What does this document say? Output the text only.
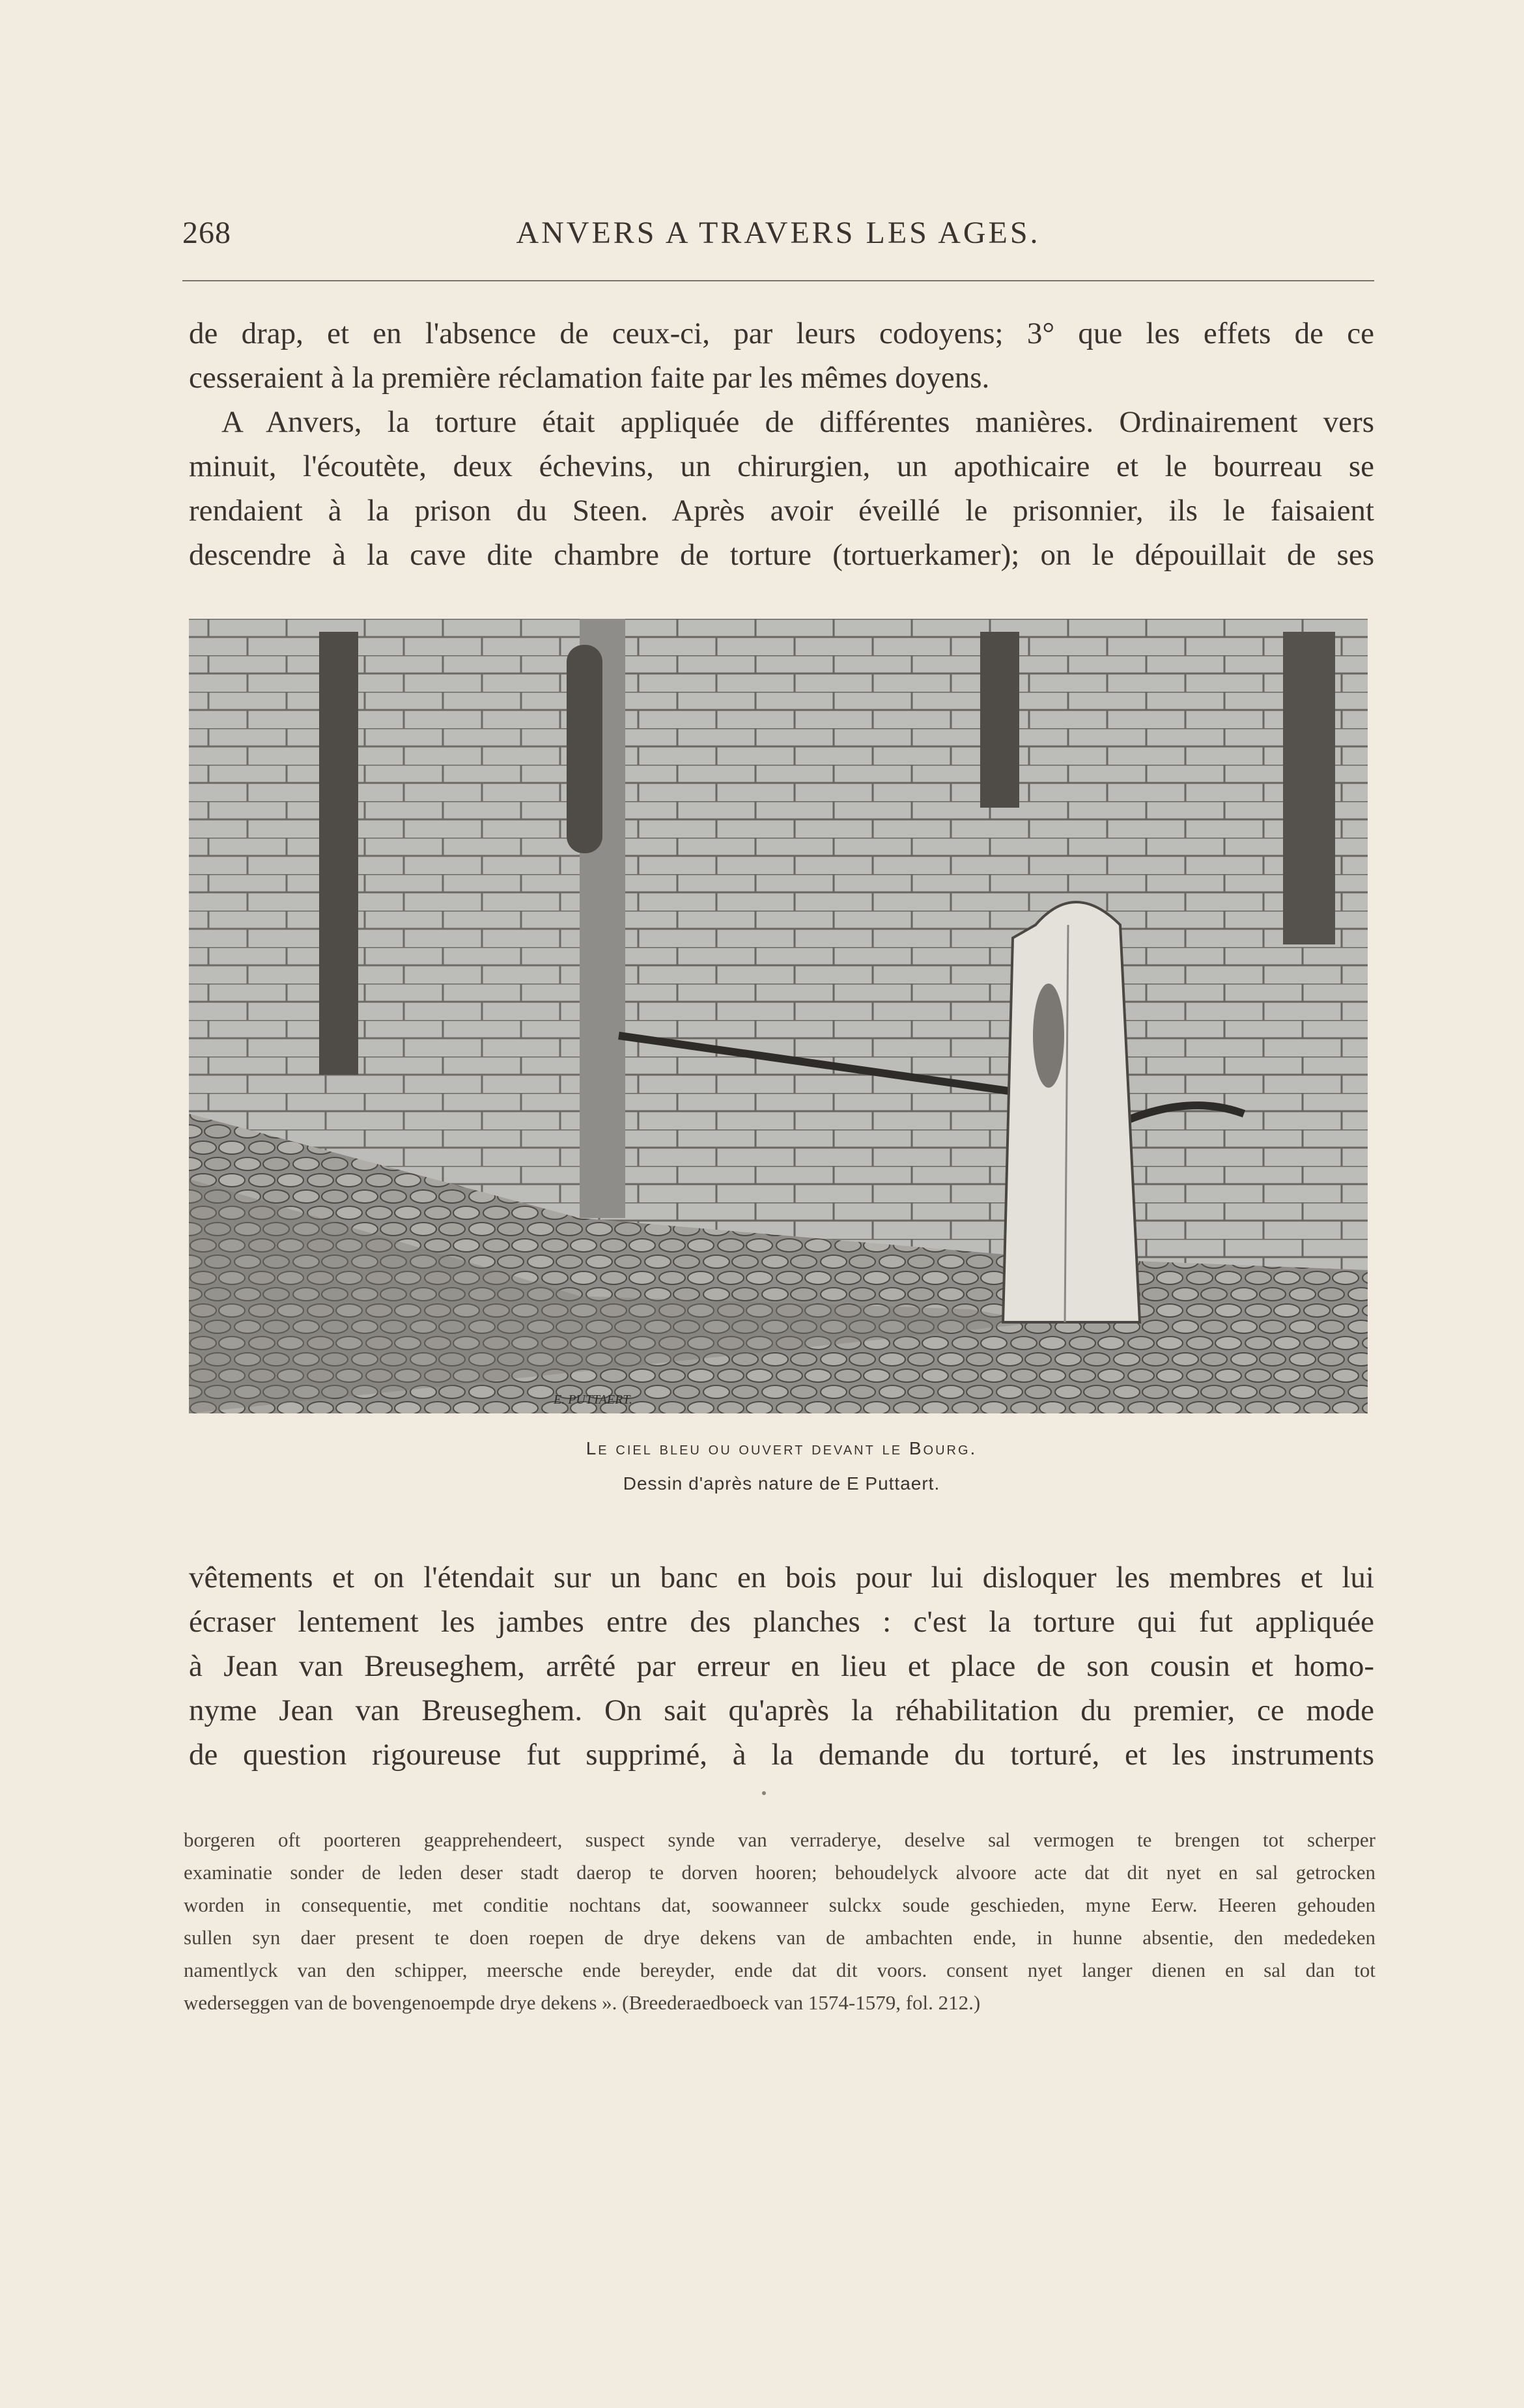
268	ANVERS A TRAVERS LES AGES.
de drap, et en l'absence de ceux-ci, par leurs codoyens; 3° que les effets de ce
cesseraient à la première réclamation faite par les mêmes doyens.
A Anvers, la torture était appliquée de différentes manières. Ordinairement vers
minuit, l'écoutète, deux échevins, un chirurgien, un apothicaire et le bourreau se
rendaient à la prison du Steen. Après avoir éveillé le prisonnier, ils le faisaient
descendre à la cave dite chambre de torture (tortuerkamer); on le dépouillait de ses
E. PUTTAERT.
Le ciel bleu ou ouvert devant le Bourg.
Dessin d'après nature de E Puttaert.
vêtements et on l'étendait sur un banc en bois pour lui disloquer les membres et lui
écraser lentement les jambes entre des planches : c'est la torture qui fut appliquée
à Jean van Breuseghem, arrêté par erreur en lieu et place de son cousin et homo-
nyme Jean van Breuseghem. On sait qu'après la réhabilitation du premier, ce mode
de question rigoureuse fut supprimé, à la demande du torturé, et les instruments
borgeren oft poorteren geapprehendeert, suspect synde van verraderye, deselve sal vermogen te brengen tot scherper
examinatie sonder de leden deser stadt daerop te dorven hooren; behoudelyck alvoore acte dat dit nyet en sal getrocken
worden in consequentie, met conditie nochtans dat, soowanneer sulckx soude geschieden, myne Eerw. Heeren gehouden
sullen syn daer present te doen roepen de drye dekens van de ambachten ende, in hunne absentie, den mededeken
namentlyck van den schipper, meersche ende bereyder, ende dat dit voors. consent nyet langer dienen en sal dan tot
wederseggen van de bovengenoempde drye dekens ». (Breederaedboeck van 1574-1579, fol. 212.)
